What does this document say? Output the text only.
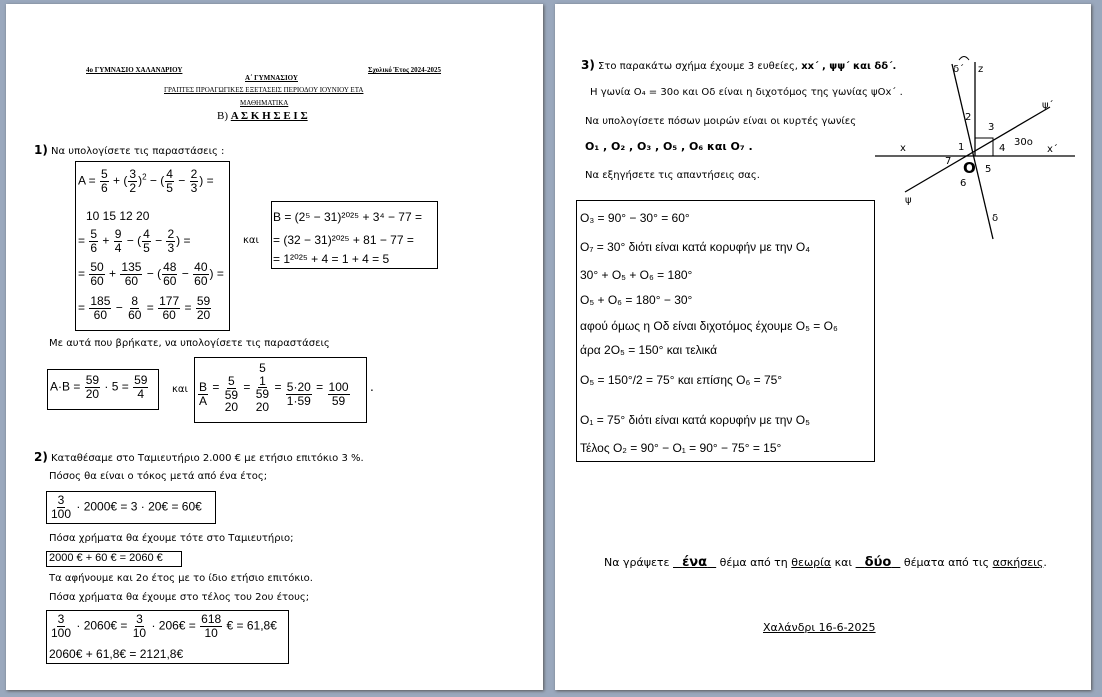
4ο ΓΥΜΝΑΣΙΟ ΧΑΛΑΝΔΡΙΟΥ	Σχολικό Έτος 2024-2025
Α΄ ΓΥΜΝΑΣΙΟΥ
ΓΡΑΠΤΕΣ ΠΡΟΑΓΩΓΙΚΕΣ ΕΞΕΤΑΣΕΙΣ ΠΕΡΙΟΔΟΥ ΙΟΥΝΙΟΥ ΕΤΑ
ΜΑΘΗΜΑΤΙΚΑ
Β) Α Σ Κ Η Σ Ε Ι Σ
1) Να υπολογίσετε τις παραστάσεις :
$A = \frac{5}{6}$ + ( $\frac{3}{2} )^2$ − ( $\frac{4}{5} - \frac{2}{3}$ ) =
10 15 12 20
= $\frac{5}{6} + \frac{9}{4}$ − ( $\frac{4}{5} - \frac{2}{3}$ ) =
= $\frac{50}{60} + \frac{135}{60}$ − ( $\frac{48}{60} - \frac{40}{60}$ ) =
= $\frac{185}{60} - \frac{8}{60} = \frac{177}{60} = \frac{59}{20}$
και
Β = (2⁵ − 31)²⁰²⁵ + 3⁴ − 77 =
= (32 − 31)²⁰²⁵ + 81 − 77 =
= 1²⁰²⁵ + 4 = 1 + 4 = 5
Με αυτά που βρήκατε, να υπολογίσετε τις παραστάσεις
$A\cdot B = \frac{59}{20} \cdot 5 = \frac{59}{4}$ και $\frac{B}{A} = 5$
59
20
=
5
1
59
20
= $\frac{5\cdot 20}{1\cdot 59} = \frac{100}{59}$ .
2) Καταθέσαμε στο Ταμιευτήριο 2.000 € με ετήσιο επιτόκιο 3 %.
Πόσος θα είναι ο τόκος μετά από ένα έτος;
$\frac{3}{100}$ · 2000€ = 3 · 20€ = 60€
Πόσα χρήματα θα έχουμε τότε στο Ταμιευτήριο;
2000 € + 60 € = 2060 €
Τα αφήνουμε και 2ο έτος με το ίδιο ετήσιο επιτόκιο.
Πόσα χρήματα θα έχουμε στο τέλος του 2ου έτους;
$\frac{3}{100}$ · 2060€ = $\frac{3}{10}$ · 206€ = $\frac{618}{10}$ € = 61,8€
2060€ + 61,8€ = 2121,8€
3) Στο παρακάτω σχήμα έχουμε 3 ευθείες, xx΄ , ψψ΄ και δδ΄.
Η γωνία Ο₄ = 30ο και Οδ είναι η διχοτόμος της γωνίας ψΟx΄ .
Να υπολογίσετε πόσων μοιρών είναι οι κυρτές γωνίες
Ο₁ , Ο₂ , Ο₃ , Ο₅ , Ο₆ και Ο₇ .
Να εξηγήσετε τις απαντήσεις σας.
δ΄ z
ψ΄
x	x΄
ψ
δ
O
1
2
3
4
5
6
7
30ο
Ο₃ = 90° − 30° = 60°
Ο₇ = 30° διότι είναι κατά κορυφήν με την Ο₄
30° + Ο₅ + Ο₆ = 180°
Ο₅ + Ο₆ = 180° − 30°
αφού όμως η Οδ είναι διχοτόμος έχουμε Ο₅ = Ο₆
άρα 2Ο₅ = 150° και τελικά
Ο₅ = 150°/2 = 75° και επίσης Ο₆ = 75°
Ο₁ = 75° διότι είναι κατά κορυφήν με την Ο₅
Τέλος Ο₂ = 90° − Ο₁ = 90° − 75° = 15°
Να γράψετε ένα θέμα από τη θεωρία και δύο θέματα από τις ασκήσεις.
Χαλάνδρι 16-6-2025
